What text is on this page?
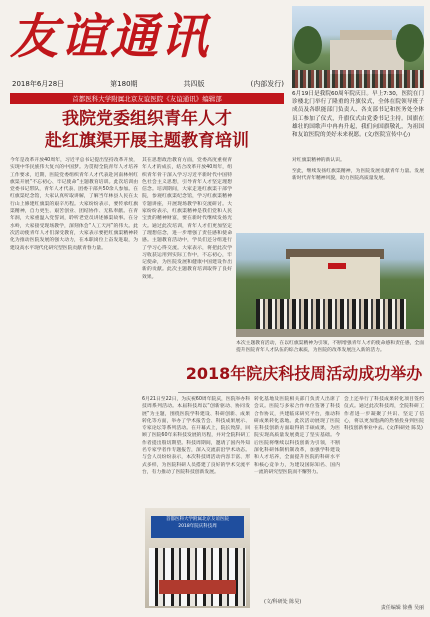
友谊通讯
2018年6月28日	第180期	共四版	(内部发行)
首都医科大学附属北京友谊医院《友谊通讯》编辑部
6月19日是我院60周年院庆日。早上7:30，医院在门诊楼北门举行了隆重的升旗仪式，全体在院领导班子成员及各职能部门负责人、各支部书记和医务处全体员工参加了仪式，升旗仪式由党委书记主持。国旗在雄壮的国歌声中冉冉升起，我们向国旗敬礼，为祖国和友谊医院的美好未来祝愿。(文/医院宣传中心)
我院党委组织青年人才
赴红旗渠开展主题教育培训
今年是改革开放40周年，习近平总书记提出坚持改革开放，实现中华民族伟大复兴的中国梦。为贯彻全院青年人才培养工作要求，近期，医院党委组织青年人才代表赴河南林州红旗渠开展“不忘初心、牢记使命”主题教育培训。此次培训由党委书记带队，青年人才代表、团委干部共50余人参加。在红旗渠纪念馆，大家认真听取讲解，了解当年林县人民在太行山上修建红旗渠的艰辛历程。大家纷纷表示，要传承红旗渠精神，自力更生、艰苦创业、团结协作、无私奉献。在青年洞，大家重温入党誓词，聆听老党员讲述修渠故事。在分水岭，大家接受现场教学，深刻体会“人工天河”的伟大。此次活动使青年人才们深受教育，大家表示要把红旗渠精神转化为推动医院发展的强大动力，在本职岗位上奋发进取，为建设高水平现代化研究型医院贡献青春力量。
其在思想政治教育方面，党委高度重视青年人才的成长，结合改革开放40周年，组织青年骨干深入学习习近平新时代中国特色社会主义思想，引导青年人才坚定理想信念。培训期间，大家走进红旗渠干部学院，参观红旗渠纪念馆，学习红旗渠精神专题讲座，开展现场教学和交流研讨。大家纷纷表示，红旗渠精神是我们党和人民宝贵的精神财富，要在新时代继续发扬光大。通过此次培训，青年人才们更加坚定了理想信念，进一步增强了责任感和使命感。主题教育活动中，学员们还分组进行了学习心得交流。大家表示，将把此次学习收获运用到实际工作中，不忘初心，牢记使命，为医院发展和健康中国建设作出新的贡献。此次主题教育培训取得了良好效果。
对红旗渠精神的新认识。
至此，继续发扬红旗渠精神，为医院发展贡献青年力量。发展新时代青年精神风貌，助力医院高质量发展。
本次主题教育活动，在以红旗渠精神为引领，不断增强青年人才的使命感和责任感，全面提升医院青年人才队伍的综合素质，为医院的改革发展注入新的活力。
2018年院庆科技周活动成功举办
6月21日至22日，为庆祝60周年院庆，医院举办科技周系列活动。本届科技周以“创新驱动、协同发展”为主题，围绕医院学科建设、科研创新、成果转化等方面，举办了学术报告会、科技成果展示、专家论坛等系列活动。在开幕式上，院长致辞，回顾了医院60年来科技发展的历程，并对全院科研工作者提出殷切期望。科技周期间，邀请了国内外知名专家学者作专题报告，深入交流前沿学术动态。与会人员纷纷表示，本次科技周活动内容丰富、形式多样，为医院科研人员搭建了良好的学术交流平台，有力推动了医院科技创新发展。
转化基地及医院相关部门负责人出席了会议。医院与多家合作单位签署了科技合作协议，共建临床研究平台，推动科研成果转化落地。此次活动展现了医院在科技创新方面取得的丰硕成果，为医院实现高质量发展奠定了坚实基础。今后医院将继续以科技创新为引领，不断深化科研体制机制改革，加强学科建设和人才培养，全面提升医院的科研水平和核心竞争力，为建设国际知名、国内一流的研究型医院而不懈努力。
会上还举行了科技成果转化项目签约仪式。通过此次科技周，全院科研工作者进一步凝聚了共识、坚定了信心，将以更加饱满的热情投身到医院科技创新事业中去。(文/科研处 陈昊)
首都医科大学附属北京友谊医院
2018年院庆科技周
(文/科研处 陈昊)
责任编辑 徐燕 吴丽
